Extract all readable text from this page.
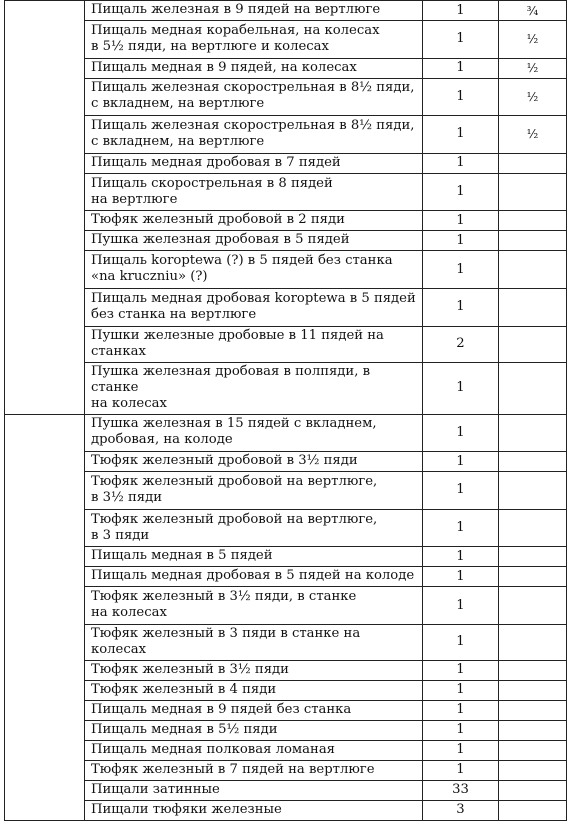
	Пищаль железная в 9 пядей на вертлюге	1	¾
	Пищаль медная корабельная, на колесах
в 5½ пяди, на вертлюге и колесах	1	½
	Пищаль медная в 9 пядей, на колесах	1	½
	Пищаль железная скорострельная в 8½ пяди,
с вкладнем, на вертлюге	1	½
	Пищаль железная скорострельная в 8½ пяди,
с вкладнем, на вертлюге	1	½
	Пищаль медная дробовая в 7 пядей	1	
	Пищаль скорострельная в 8 пядей
на вертлюге	1	
	Тюфяк железный дробовой в 2 пяди	1	
	Пушка железная дробовая в 5 пядей	1	
	Пищаль koroptewa (?) в 5 пядей без станка
«na krucznіu» (?)	1	
	Пищаль медная дробовая koroptewa в 5 пядей
без станка на вертлюге	1	
	Пушки железные дробовые в 11 пядей на станках	2	
	Пушка железная дробовая в полпяди, в станке
на колесах	1	
	Пушка железная в 15 пядей с вкладнем,
дробовая, на колоде	1	
	Тюфяк железный дробовой в 3½ пяди	1	
	Тюфяк железный дробовой на вертлюге,
в 3½ пяди	1	
	Тюфяк железный дробовой на вертлюге,
в 3 пяди	1	
	Пищаль медная в 5 пядей	1	
	Пищаль медная дробовая в 5 пядей на колоде	1	
	Тюфяк железный в 3½ пяди, в станке
на колесах	1	
	Тюфяк железный в 3 пяди в станке на колесах	1	
	Тюфяк железный в 3½ пяди	1	
	Тюфяк железный в 4 пяди	1	
	Пищаль медная в 9 пядей без станка	1	
	Пищаль медная в 5½ пяди	1	
	Пищаль медная полковая ломаная	1	
	Тюфяк железный в 7 пядей на вертлюге	1	
	Пищали затинные	33	
	Пищали тюфяки железные	3	
